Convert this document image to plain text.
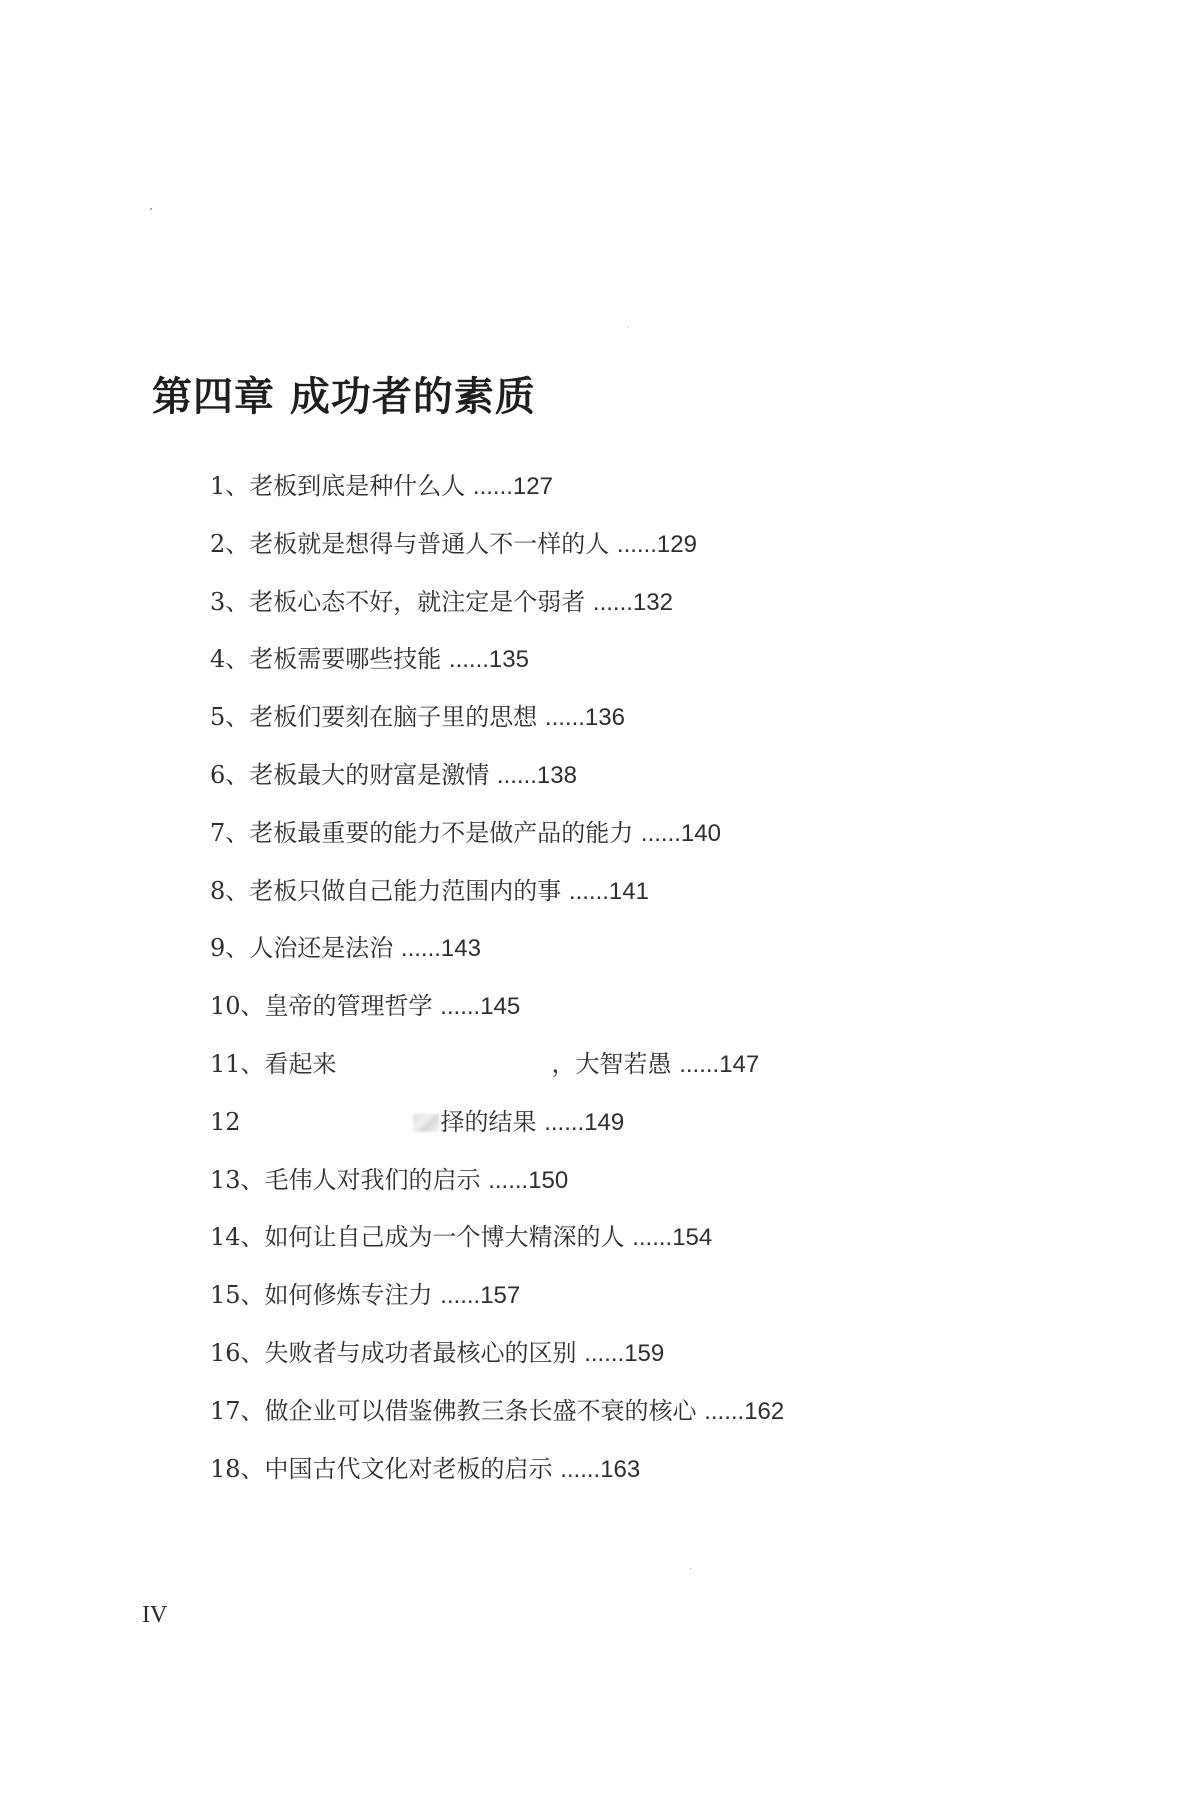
第四章 成功者的素质
1、老板到底是种什么人 ......127
2、老板就是想得与普通人不一样的人 ......129
3、老板心态不好，就注定是个弱者 ......132
4、老板需要哪些技能 ......135
5、老板们要刻在脑子里的思想 ......136
6、老板最大的财富是激情 ......138
7、老板最重要的能力不是做产品的能力 ......140
8、老板只做自己能力范围内的事 ......141
9、人治还是法治 ......143
10、皇帝的管理哲学 ......145
11、看起来	，大智若愚 ......147
12	择的结果 ......149
13、毛伟人对我们的启示 ......150
14、如何让自己成为一个博大精深的人 ......154
15、如何修炼专注力 ......157
16、失败者与成功者最核心的区别 ......159
17、做企业可以借鉴佛教三条长盛不衰的核心 ......162
18、中国古代文化对老板的启示 ......163
IV
